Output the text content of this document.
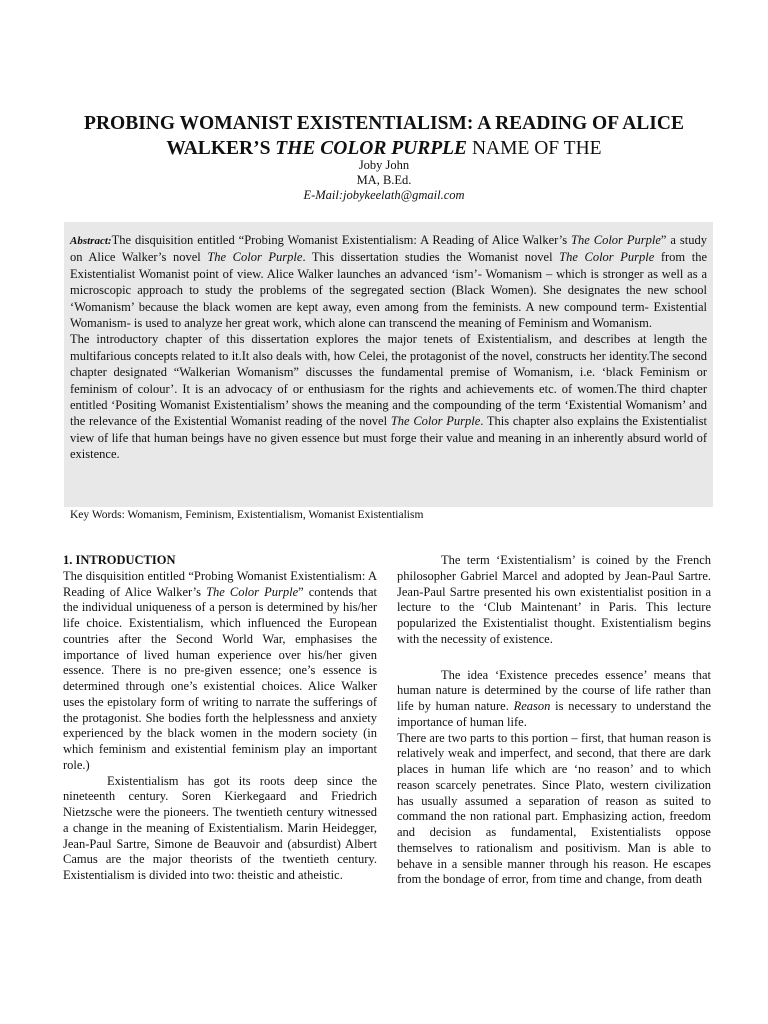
PROBING WOMANIST EXISTENTIALISM: A READING OF ALICE
WALKER’S THE COLOR PURPLE NAME OF THE
Joby John
MA, B.Ed.
E-Mail:jobykeelath@gmail.com

Abstract:The disquisition entitled “Probing Womanist Existentialism: A Reading of Alice Walker’s The Color Purple” a study on Alice Walker’s novel The Color Purple. This dissertation studies the Womanist novel The Color Purple from the Existentialist Womanist point of view. Alice Walker launches an advanced ‘ism’- Womanism – which is stronger as well as a microscopic approach to study the problems of the segregated section (Black Women). She designates the new school ‘Womanism’ because the black women are kept away, even among from the feminists. A new compound term- Existential Womanism- is used to analyze her great work, which alone can transcend the meaning of Feminism and Womanism.

The introductory chapter of this dissertation explores the major tenets of Existentialism, and describes at length the multifarious concepts related to it.It also deals with, how Celei, the protagonist of the novel, constructs her identity.The second chapter designated “Walkerian Womanism” discusses the fundamental premise of Womanism, i.e. ‘black Feminism or feminism of colour’. It is an advocacy of or enthusiasm for the rights and achievements etc. of women.The third chapter entitled ‘Positing Womanist Existentialism’ shows the meaning and the compounding of the term ‘Existential Womanism’ and the relevance of the Existential Womanist reading of the novel The Color Purple. This chapter also explains the Existentialist view of life that human beings have no given essence but must forge their value and meaning in an inherently absurd world of existence.

Key Words: Womanism, Feminism, Existentialism, Womanist Existentialism

1. INTRODUCTION

The disquisition entitled “Probing Womanist Existentialism: A Reading of Alice Walker’s The Color Purple” contends that the individual uniqueness of a person is determined by his/her life choice. Existentialism, which influenced the European countries after the Second World War, emphasises the importance of lived human experience over his/her given essence. There is no pre-given essence; one’s essence is determined through one’s existential choices. Alice Walker uses the epistolary form of writing to narrate the sufferings of the protagonist. She bodies forth the helplessness and anxiety experienced by the black women in the modern society (in which feminism and existential feminism play an important role.)

Existentialism has got its roots deep since the nineteenth century. Soren Kierkegaard and Friedrich Nietzsche were the pioneers. The twentieth century witnessed a change in the meaning of Existentialism. Marin Heidegger, Jean-Paul Sartre, Simone de Beauvoir and (absurdist) Albert Camus are the major theorists of the twentieth century. Existentialism is divided into two: theistic and atheistic.

The term ‘Existentialism’ is coined by the French philosopher Gabriel Marcel and adopted by Jean-Paul Sartre. Jean-Paul Sartre presented his own existentialist position in a lecture to the ‘Club Maintenant’ in Paris. This lecture popularized the Existentialist thought. Existentialism begins with the necessity of existence.

The idea ‘Existence precedes essence’ means that human nature is determined by the course of life rather than life by human nature. Reason is necessary to understand the importance of human life.

There are two parts to this portion – first, that human reason is relatively weak and imperfect, and second, that there are dark places in human life which are ‘no reason’ and to which reason scarcely penetrates. Since Plato, western civilization has usually assumed a separation of reason as suited to command the non rational part. Emphasizing action, freedom and decision as fundamental, Existentialists oppose themselves to rationalism and positivism. Man is able to behave in a sensible manner through his reason. He escapes from the bondage of error, from time and change, from death
